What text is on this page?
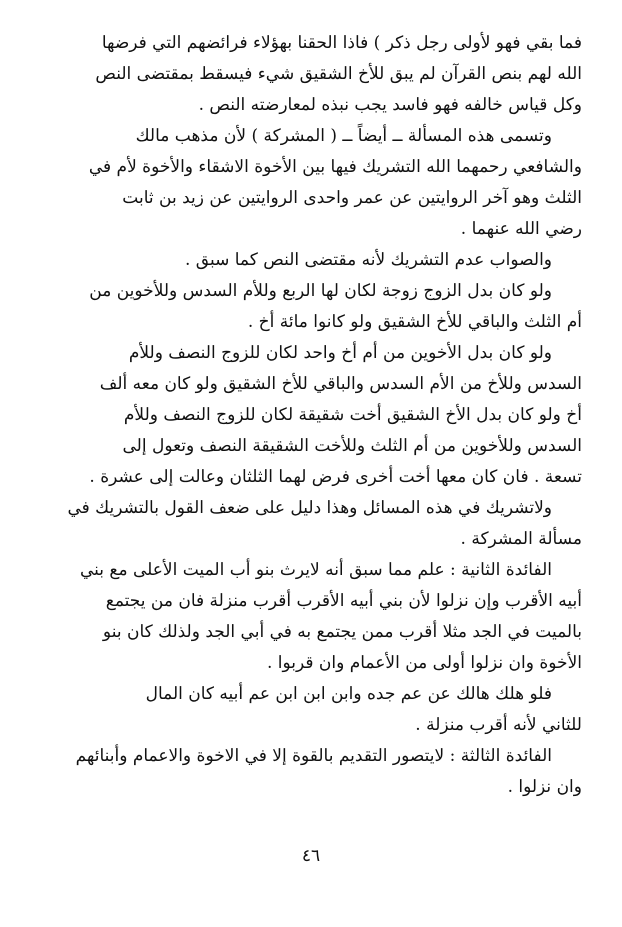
فما بقي فهو لأولى رجل ذكر ) فاذا الحقنا بهؤلاء فرائضهم التي فرضها
الله لهم بنص القرآن لم يبق للأخ الشقيق شيء فيسقط بمقتضى النص
وكل قياس خالفه فهو فاسد يجب نبذه لمعارضته النص .
وتسمى هذه المسألة ــ أيضاً ــ ( المشركة ) لأن مذهب مالك
والشافعي رحمهما الله التشريك فيها بين الأخوة الاشقاء والأخوة لأم في
الثلث وهو آخر الروايتين عن عمر واحدى الروايتين عن زيد بن ثابت
رضي الله عنهما .
والصواب عدم التشريك لأنه مقتضى النص كما سبق .
ولو كان بدل الزوج زوجة لكان لها الربع وللأم السدس وللأخوين من
أم الثلث والباقي للأخ الشقيق ولو كانوا مائة أخ .
ولو كان بدل الأخوين من أم أخ واحد لكان للزوج النصف وللأم
السدس وللأخ من الأم السدس والباقي للأخ الشقيق ولو كان معه ألف
أخ ولو كان بدل الأخ الشقيق أخت شقيقة لكان للزوج النصف وللأم
السدس وللأخوين من أم الثلث وللأخت الشقيقة النصف وتعول إلى
تسعة . فان كان معها أخت أخرى فرض لهما الثلثان وعالت إلى عشرة .
ولاتشريك في هذه المسائل وهذا دليل على ضعف القول بالتشريك في
مسألة المشركة .
الفائدة الثانية : علم مما سبق أنه لايرث بنو أب الميت الأعلى مع بني
أبيه الأقرب وإن نزلوا لأن بني أبيه الأقرب أقرب منزلة فان من يجتمع
بالميت في الجد مثلا أقرب ممن يجتمع به في أبي الجد ولذلك كان بنو
الأخوة وان نزلوا أولى من الأعمام وان قربوا .
فلو هلك هالك عن عم جده وابن ابن ابن عم أبيه كان المال
للثاني لأنه أقرب منزلة .
الفائدة الثالثة : لايتصور التقديم بالقوة إلا في الاخوة والاعمام وأبنائهم
وان نزلوا .
٤٦
